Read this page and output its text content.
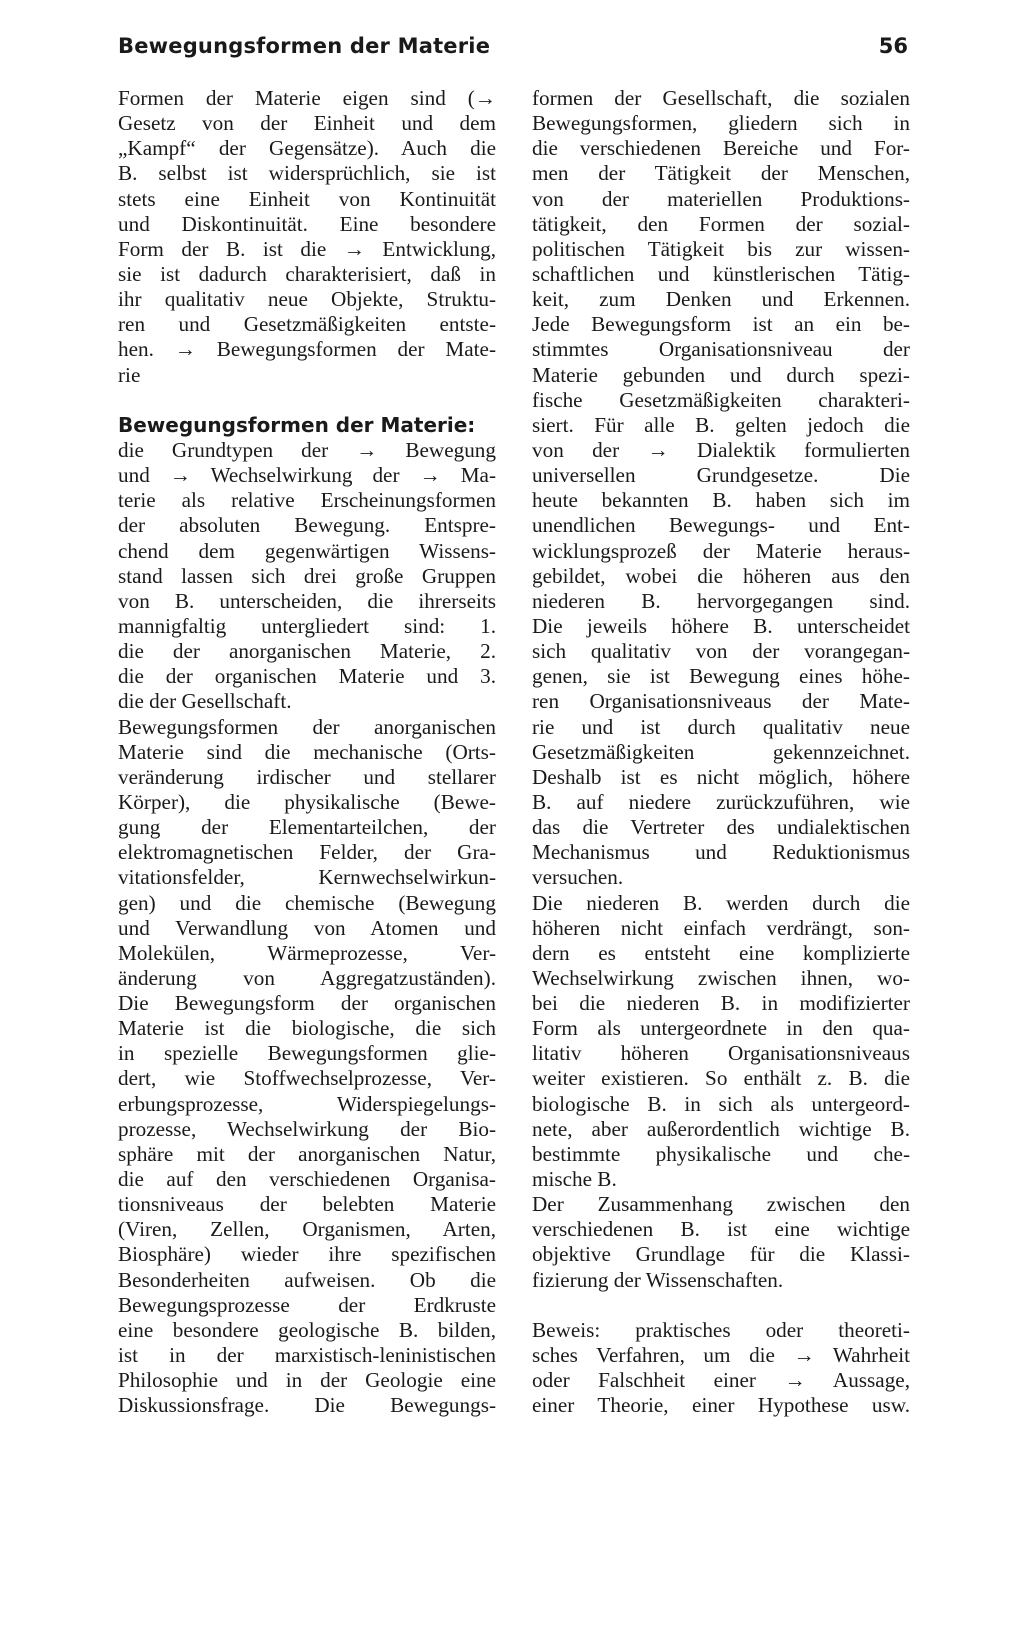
Bewegungsformen der Materie	56
Formen der Materie eigen sind (→
Gesetz von der Einheit und dem
„Kampf“ der Gegensätze). Auch die
B. selbst ist widersprüchlich, sie ist
stets eine Einheit von Kontinuität
und Diskontinuität. Eine besondere
Form der B. ist die → Entwicklung,
sie ist dadurch charakterisiert, daß in
ihr qualitativ neue Objekte, Struktu-
ren und Gesetzmäßigkeiten entste-
hen. → Bewegungsformen der Mate-
rie
Bewegungsformen der Materie:
die Grundtypen der → Bewegung
und → Wechselwirkung der → Ma-
terie als relative Erscheinungsformen
der absoluten Bewegung. Entspre-
chend dem gegenwärtigen Wissens-
stand lassen sich drei große Gruppen
von B. unterscheiden, die ihrerseits
mannigfaltig untergliedert sind: 1.
die der anorganischen Materie, 2.
die der organischen Materie und 3.
die der Gesellschaft.
Bewegungsformen der anorganischen
Materie sind die mechanische (Orts-
veränderung irdischer und stellarer
Körper), die physikalische (Bewe-
gung der Elementarteilchen, der
elektromagnetischen Felder, der Gra-
vitationsfelder, Kernwechselwirkun-
gen) und die chemische (Bewegung
und Verwandlung von Atomen und
Molekülen, Wärmeprozesse, Ver-
änderung von Aggregatzuständen).
Die Bewegungsform der organischen
Materie ist die biologische, die sich
in spezielle Bewegungsformen glie-
dert, wie Stoffwechselprozesse, Ver-
erbungsprozesse, Widerspiegelungs-
prozesse, Wechselwirkung der Bio-
sphäre mit der anorganischen Natur,
die auf den verschiedenen Organisa-
tionsniveaus der belebten Materie
(Viren, Zellen, Organismen, Arten,
Biosphäre) wieder ihre spezifischen
Besonderheiten aufweisen. Ob die
Bewegungsprozesse der Erdkruste
eine besondere geologische B. bilden,
ist in der marxistisch-leninistischen
Philosophie und in der Geologie eine
Diskussionsfrage. Die Bewegungs-
formen der Gesellschaft, die sozialen
Bewegungsformen, gliedern sich in
die verschiedenen Bereiche und For-
men der Tätigkeit der Menschen,
von der materiellen Produktions-
tätigkeit, den Formen der sozial-
politischen Tätigkeit bis zur wissen-
schaftlichen und künstlerischen Tätig-
keit, zum Denken und Erkennen.
Jede Bewegungsform ist an ein be-
stimmtes Organisationsniveau der
Materie gebunden und durch spezi-
fische Gesetzmäßigkeiten charakteri-
siert. Für alle B. gelten jedoch die
von der → Dialektik formulierten
universellen Grundgesetze. Die
heute bekannten B. haben sich im
unendlichen Bewegungs- und Ent-
wicklungsprozeß der Materie heraus-
gebildet, wobei die höheren aus den
niederen B. hervorgegangen sind.
Die jeweils höhere B. unterscheidet
sich qualitativ von der vorangegan-
genen, sie ist Bewegung eines höhe-
ren Organisationsniveaus der Mate-
rie und ist durch qualitativ neue
Gesetzmäßigkeiten gekennzeichnet.
Deshalb ist es nicht möglich, höhere
B. auf niedere zurückzuführen, wie
das die Vertreter des undialektischen
Mechanismus und Reduktionismus
versuchen.
Die niederen B. werden durch die
höheren nicht einfach verdrängt, son-
dern es entsteht eine komplizierte
Wechselwirkung zwischen ihnen, wo-
bei die niederen B. in modifizierter
Form als untergeordnete in den qua-
litativ höheren Organisationsniveaus
weiter existieren. So enthält z. B. die
biologische B. in sich als untergeord-
nete, aber außerordentlich wichtige B.
bestimmte physikalische und che-
mische B.
Der Zusammenhang zwischen den
verschiedenen B. ist eine wichtige
objektive Grundlage für die Klassi-
fizierung der Wissenschaften.
Beweis: praktisches oder theoreti-
sches Verfahren, um die → Wahrheit
oder Falschheit einer → Aussage,
einer Theorie, einer Hypothese usw.
